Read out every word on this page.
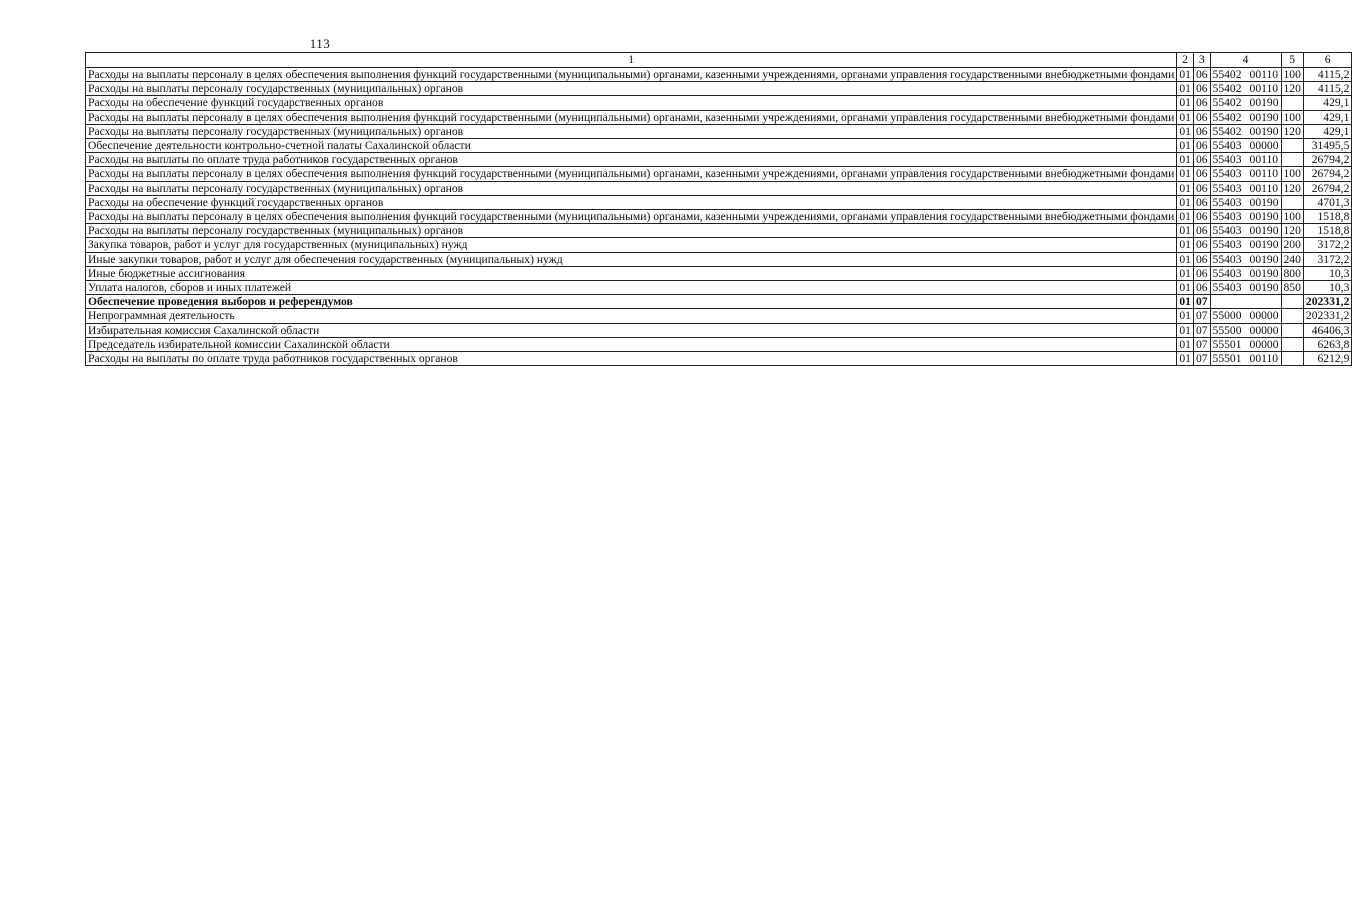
113
1	2	3	4	5	6

Расходы на выплаты персоналу в целях обеспечения выполнения функций государственными (муниципальными) органами, казенными учреждениями, органами управления государственными внебюджетными фондами	01	06	55402 00110	100	4115,2

Расходы на выплаты персоналу государственных (муниципальных) органов	01	06	55402 00110	120	4115,2

Расходы на обеспечение функций государственных органов	01	06	55402 00190		429,1

Расходы на выплаты персоналу в целях обеспечения выполнения функций государственными (муниципальными) органами, казенными учреждениями, органами управления государственными внебюджетными фондами	01	06	55402 00190	100	429,1

Расходы на выплаты персоналу государственных (муниципальных) органов	01	06	55402 00190	120	429,1

Обеспечение деятельности контрольно-счетной палаты Сахалинской области	01	06	55403 00000		31495,5

Расходы на выплаты по оплате труда работников государственных органов	01	06	55403 00110		26794,2

Расходы на выплаты персоналу в целях обеспечения выполнения функций государственными (муниципальными) органами, казенными учреждениями, органами управления государственными внебюджетными фондами	01	06	55403 00110	100	26794,2

Расходы на выплаты персоналу государственных (муниципальных) органов	01	06	55403 00110	120	26794,2

Расходы на обеспечение функций государственных органов	01	06	55403 00190		4701,3

Расходы на выплаты персоналу в целях обеспечения выполнения функций государственными (муниципальными) органами, казенными учреждениями, органами управления государственными внебюджетными фондами	01	06	55403 00190	100	1518,8

Расходы на выплаты персоналу государственных (муниципальных) органов	01	06	55403 00190	120	1518,8

Закупка товаров, работ и услуг для государственных (муниципальных) нужд	01	06	55403 00190	200	3172,2

Иные закупки товаров, работ и услуг для обеспечения государственных (муниципальных) нужд	01	06	55403 00190	240	3172,2

Иные бюджетные ассигнования	01	06	55403 00190	800	10,3

Уплата налогов, сборов и иных платежей	01	06	55403 00190	850	10,3

Обеспечение проведения выборов и референдумов	01	07			202331,2

Непрограммная деятельность	01	07	55000 00000		202331,2

Избирательная комиссия Сахалинской области	01	07	55500 00000		46406,3

Председатель избирательной комиссии Сахалинской области	01	07	55501 00000		6263,8

Расходы на выплаты по оплате труда работников государственных органов	01	07	55501 00110		6212,9
